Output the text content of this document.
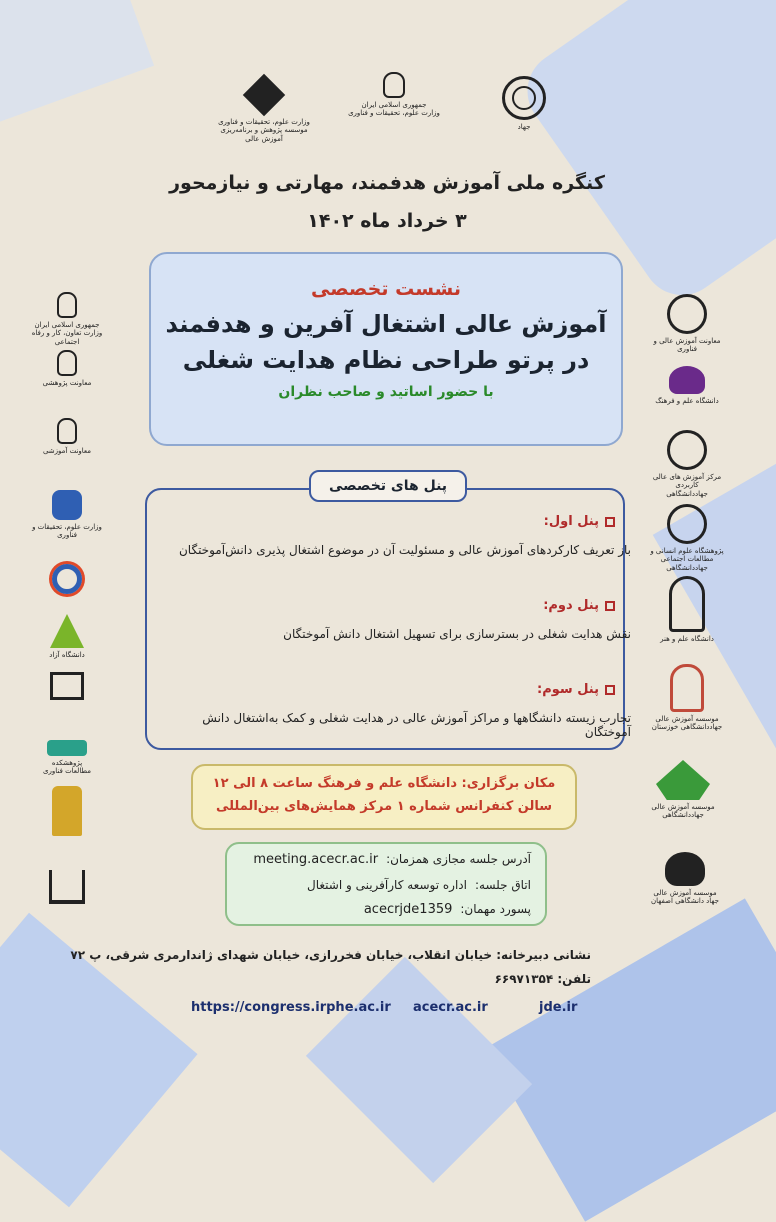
وزارت علوم، تحقیقات و فناوری
موسسه پژوهش و برنامه‌ریزی آموزش عالی
جمهوری اسلامی ایران
وزارت علوم، تحقیقات و فناوری
جهاد
کنگره ملی آموزش هدفمند، مهارتی و نیازمحور
۳ خرداد ماه ۱۴۰۲
نشست تخصصی
آموزش عالی اشتغال آفرین و هدفمند
در پرتو طراحی نظام هدایت شغلی
با حضور اساتید و صاحب نظران
پنل های تخصصی
پنل اول:
باز تعریف کارکردهای آموزش عالی و مسئولیت آن در موضوع اشتغال پذیری دانش‌آموختگان
پنل دوم:
نقش هدایت شغلی در بسترسازی برای تسهیل اشتغال دانش آموختگان
پنل سوم:
تجارب زیسته دانشگاهها و مراکز آموزش عالی در هدایت شغلی و کمک به‌اشتغال دانش آموختگان
مکان برگزاری: دانشگاه علم و فرهنگ ساعت ۸ الی ۱۲
سالن کنفرانس شماره ۱ مرکز همایش‌های بین‌المللی
آدرس جلسه مجازی همزمان:
meeting.acecr.ac.ir
اتاق جلسه:
اداره توسعه کارآفرینی و اشتغال
پسورد مهمان:
acecrjde1359
نشانی دبیرخانه: خیابان انقلاب، خیابان فخررازی، خیابان شهدای ژاندارمری شرقی، پ ۷۲
تلفن: ۶۶۹۷۱۳۵۴
https://congress.irphe.ac.ir acecr.ac.ir	jde.ir
جمهوری اسلامی ایران
وزارت تعاون، کار و رفاه اجتماعی
معاونت پژوهشی
معاونت آموزشی
وزارت علوم، تحقیقات و فناوری
دانشگاه آزاد
پژوهشکده
مطالعات فناوری
معاونت آموزش عالی و فناوری
دانشگاه علم و فرهنگ
مرکز آموزش های عالی کاربردی
جهاددانشگاهی
پژوهشگاه علوم انسانی و
مطالعات اجتماعی جهاددانشگاهی
دانشگاه علم و هنر
موسسه آموزش عالی
جهاددانشگاهی خوزستان
موسسه آموزش عالی
جهاددانشگاهی
موسسه آموزش عالی
جهاد دانشگاهی اصفهان
